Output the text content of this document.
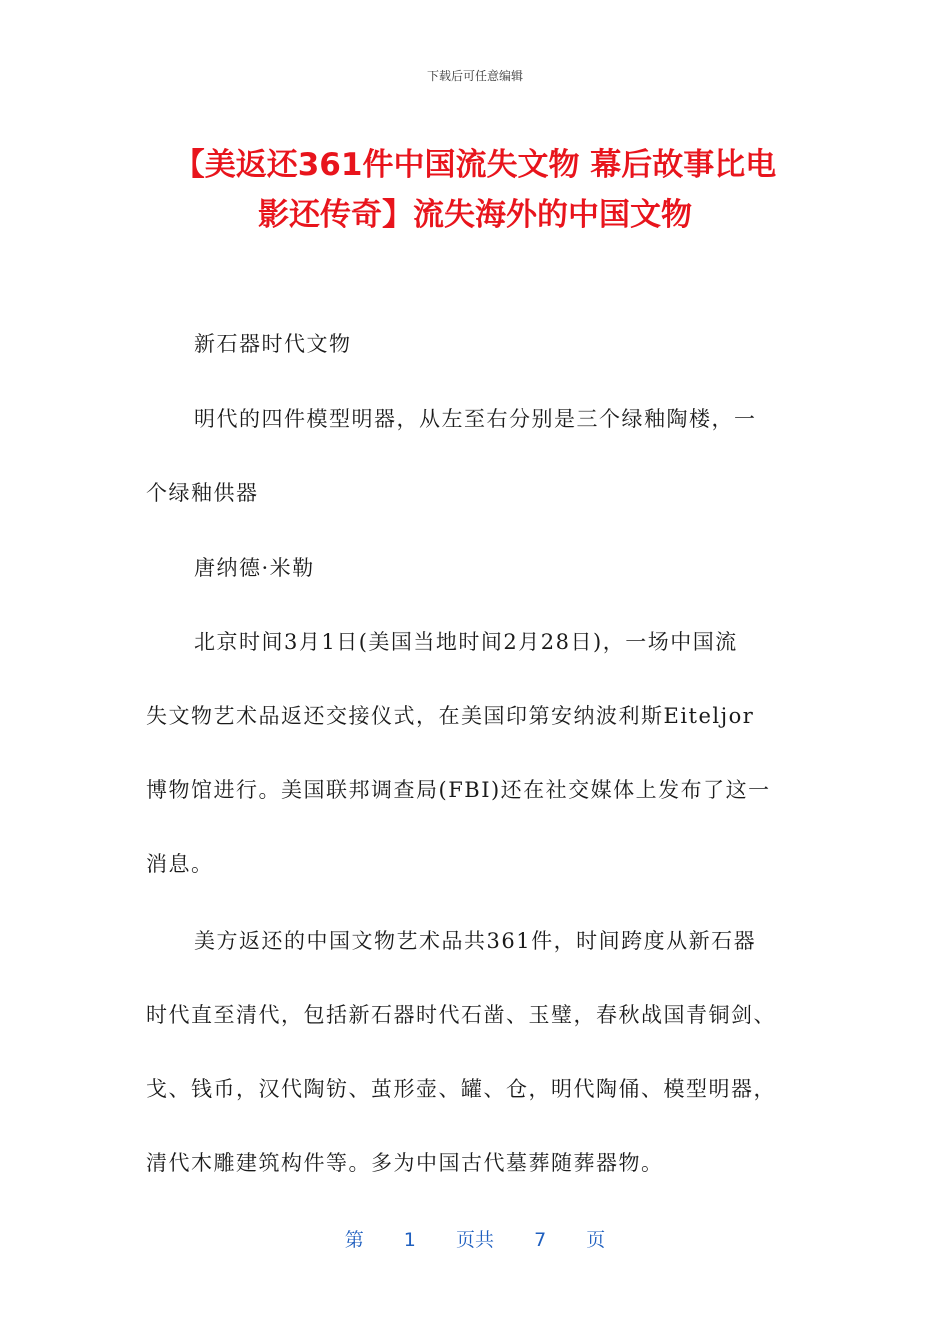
下载后可任意编辑
【美返还361件中国流失文物 幕后故事比电
影还传奇】流失海外的中国文物

新石器时代文物

明代的四件模型明器，从左至右分别是三个绿釉陶楼，一
个绿釉供器

唐纳德·米勒

北京时间3月1日(美国当地时间2月28日)，一场中国流
失文物艺术品返还交接仪式，在美国印第安纳波利斯Eiteljor
博物馆进行。美国联邦调查局(FBI)还在社交媒体上发布了这一
消息。

美方返还的中国文物艺术品共361件，时间跨度从新石器
时代直至清代，包括新石器时代石凿、玉璧，春秋战国青铜剑、
戈、钱币，汉代陶钫、茧形壶、罐、仓，明代陶俑、模型明器，
清代木雕建筑构件等。多为中国古代墓葬随葬器物。

第 1 页共 7 页
